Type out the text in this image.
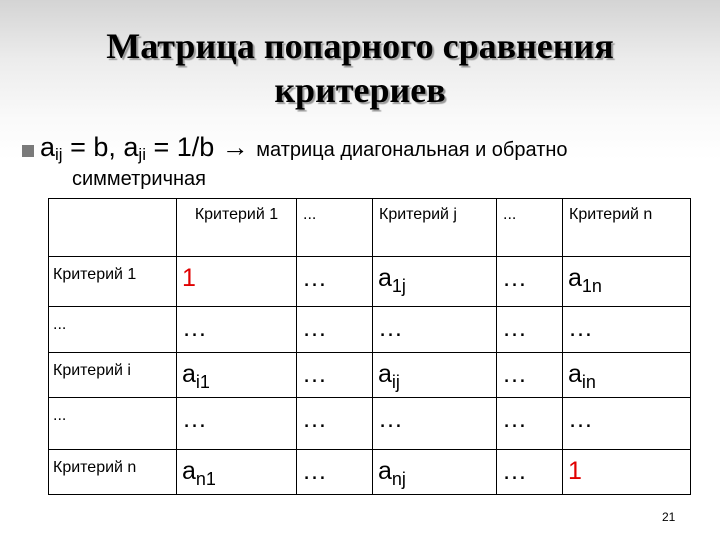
Матрица попарного сравнения критериев
$a_{ij} = b$, $a_{ji} = 1/b$ → матрица диагональная и обратно
симметричная
	Критерий 1	...	Критерий j	...	Критерий n
Критерий 1	1	…	$a_{1j}$	…	$a_{1n}$
...	…	…	…	…	…
Критерий i	$a_{i1}$	…	$a_{ij}$	…	$a_{in}$
...	…	…	…	…	…
Критерий n	$a_{n1}$	…	$a_{nj}$	…	1
21
